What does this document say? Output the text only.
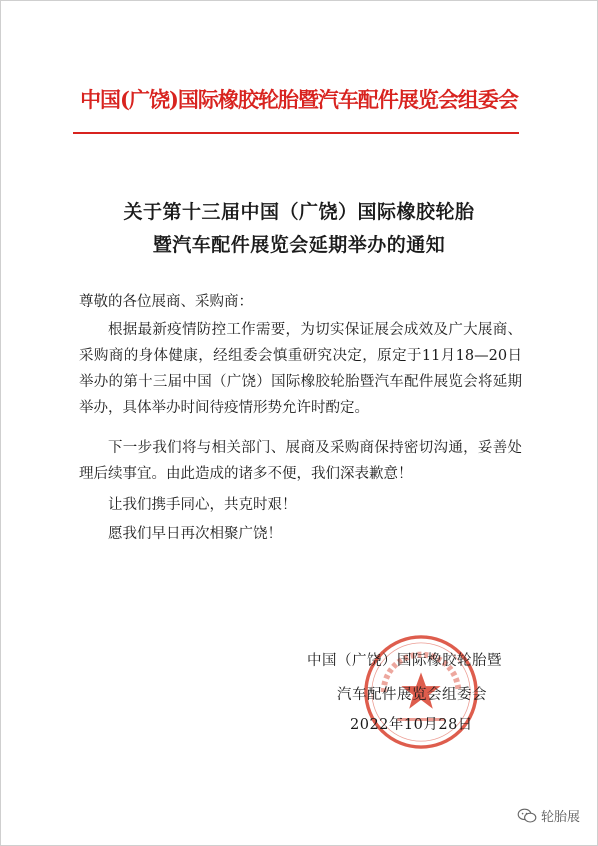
中国(广饶)国际橡胶轮胎暨汽车配件展览会组委会
关于第十三届中国（广饶）国际橡胶轮胎
暨汽车配件展览会延期举办的通知
尊敬的各位展商、采购商：
根据最新疫情防控工作需要，为切实保证展会成效及广大展商、采购商的身体健康，经组委会慎重研究决定，原定于11月18—20日举办的第十三届中国（广饶）国际橡胶轮胎暨汽车配件展览会将延期举办，具体举办时间待疫情形势允许时酌定。
下一步我们将与相关部门、展商及采购商保持密切沟通，妥善处理后续事宜。由此造成的诸多不便，我们深表歉意！
让我们携手同心，共克时艰！
愿我们早日再次相聚广饶！
中国（广饶）国际橡胶轮胎暨
汽车配件展览会组委会
2022年10月28日
轮胎展
